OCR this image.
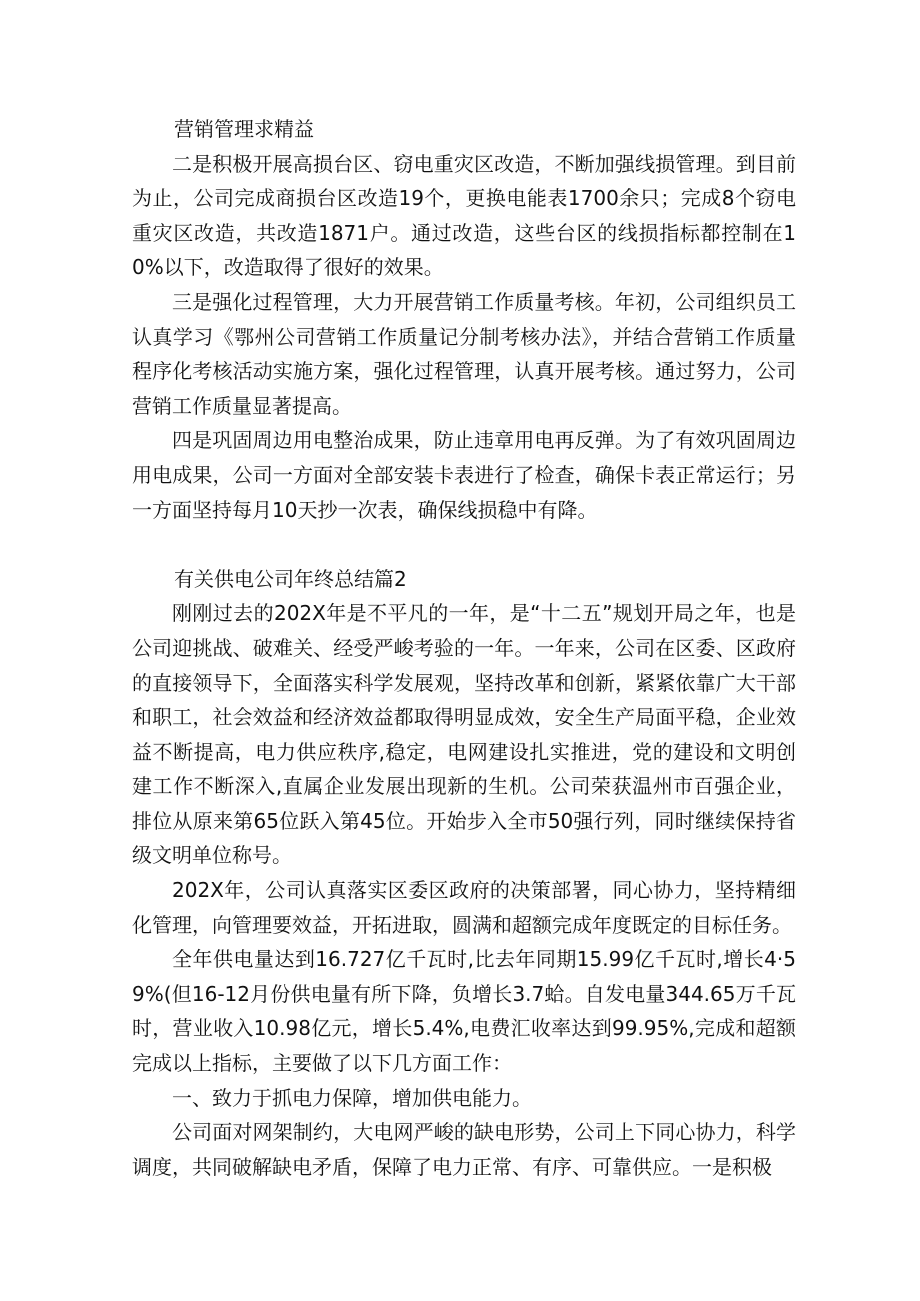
营销管理求精益

二是积极开展高损台区、窃电重灾区改造，不断加强线损管理。到目前为止，公司完成商损台区改造19个，更换电能表1700余只；完成8个窃电重灾区改造，共改造1871户。通过改造，这些台区的线损指标都控制在10%以下，改造取得了很好的效果。

三是强化过程管理，大力开展营销工作质量考核。年初，公司组织员工认真学习《鄂州公司营销工作质量记分制考核办法》，并结合营销工作质量程序化考核活动实施方案，强化过程管理，认真开展考核。通过努力，公司营销工作质量显著提高。

四是巩固周边用电整治成果，防止违章用电再反弹。为了有效巩固周边用电成果，公司一方面对全部安装卡表进行了检查，确保卡表正常运行；另一方面坚持每月10天抄一次表，确保线损稳中有降。

有关供电公司年终总结篇2

刚刚过去的202X年是不平凡的一年，是“十二五”规划开局之年，也是公司迎挑战、破难关、经受严峻考验的一年。一年来，公司在区委、区政府的直接领导下，全面落实科学发展观，坚持改革和创新，紧紧依靠广大干部和职工，社会效益和经济效益都取得明显成效，安全生产局面平稳，企业效益不断提高，电力供应秩序,稳定，电网建设扎实推进，党的建设和文明创建工作不断深入,直属企业发展出现新的生机。公司荣获温州市百强企业，排位从原来第65位跃入第45位。开始步入全市50强行列，同时继续保持省级文明单位称号。

202X年，公司认真落实区委区政府的决策部署，同心协力，坚持精细化管理，向管理要效益，开拓进取，圆满和超额完成年度既定的目标任务。

全年供电量达到16.727亿千瓦时,比去年同期15.99亿千瓦时,增长4·59%(但16-12月份供电量有所下降，负增长3.7蛤。自发电量344.65万千瓦时，营业收入10.98亿元，增长5.4%,电费汇收率达到99.95%,完成和超额完成以上指标，主要做了以下几方面工作：

一、致力于抓电力保障，增加供电能力。

公司面对网架制约，大电网严峻的缺电形势，公司上下同心协力，科学调度，共同破解缺电矛盾，保障了电力正常、有序、可靠供应。一是积极
